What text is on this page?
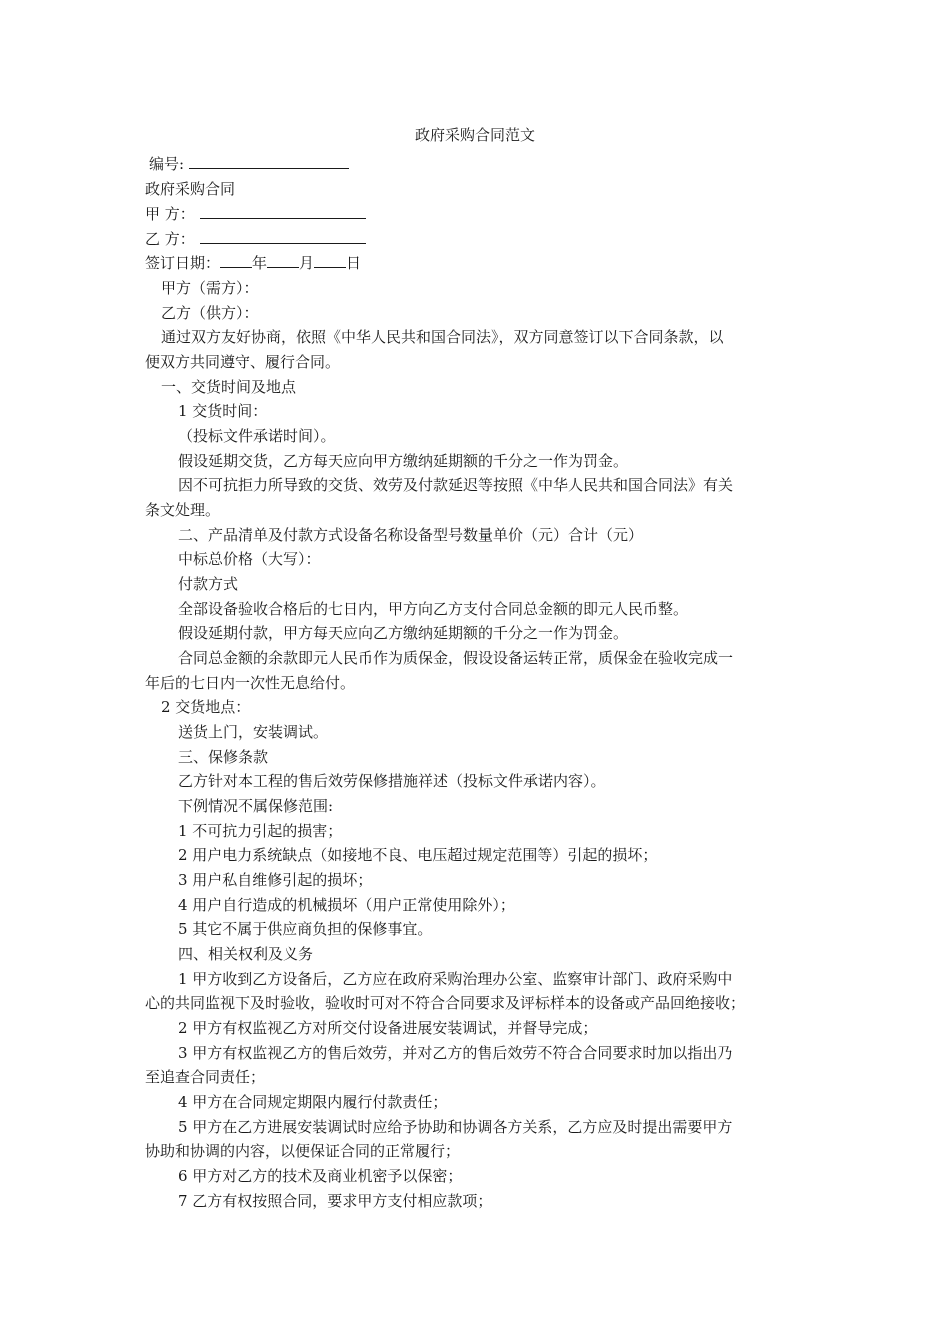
政府采购合同范文
编号:
政府采购合同
甲 方：
乙 方：
签订日期： 年 月 日
甲方（需方）：
乙方（供方）：
通过双方友好协商，依照《中华人民共和国合同法》，双方同意签订以下合同条款，以
便双方共同遵守、履行合同。
一、交货时间及地点
1 交货时间：
（投标文件承诺时间）。
假设延期交货，乙方每天应向甲方缴纳延期额的千分之一作为罚金。
因不可抗拒力所导致的交货、效劳及付款延迟等按照《中华人民共和国合同法》有关
条文处理。
二、产品清单及付款方式设备名称设备型号数量单价（元）合计（元）
中标总价格（大写）：
付款方式
全部设备验收合格后的七日内，甲方向乙方支付合同总金额的即元人民币整。
假设延期付款，甲方每天应向乙方缴纳延期额的千分之一作为罚金。
合同总金额的余款即元人民币作为质保金，假设设备运转正常，质保金在验收完成一
年后的七日内一次性无息给付。
2 交货地点：
送货上门，安装调试。
三、保修条款
乙方针对本工程的售后效劳保修措施祥述（投标文件承诺内容）。
下例情况不属保修范围:
1 不可抗力引起的损害；
2 用户电力系统缺点（如接地不良、电压超过规定范围等）引起的损坏；
3 用户私自维修引起的损坏；
4 用户自行造成的机械损坏（用户正常使用除外）；
5 其它不属于供应商负担的保修事宜。
四、相关权利及义务
1 甲方收到乙方设备后，乙方应在政府采购治理办公室、监察审计部门、政府采购中
心的共同监视下及时验收，验收时可对不符合合同要求及评标样本的设备或产品回绝接收；
2 甲方有权监视乙方对所交付设备进展安装调试，并督导完成；
3 甲方有权监视乙方的售后效劳，并对乙方的售后效劳不符合合同要求时加以指出乃
至追查合同责任；
4 甲方在合同规定期限内履行付款责任；
5 甲方在乙方进展安装调试时应给予协助和协调各方关系，乙方应及时提出需要甲方
协助和协调的内容，以便保证合同的正常履行；
6 甲方对乙方的技术及商业机密予以保密；
7 乙方有权按照合同，要求甲方支付相应款项；
